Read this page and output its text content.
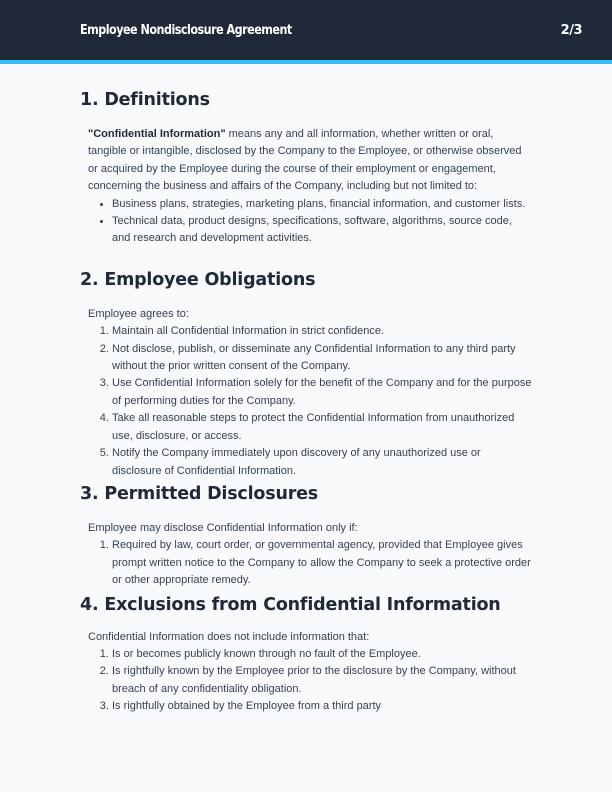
Employee Nondisclosure Agreement	2/3
1. Definitions

"Confidential Information" means any and all information, whether written or oral, tangible or intangible, disclosed by the Company to the Employee, or otherwise observed or acquired by the Employee during the course of their employment or engagement, concerning the business and affairs of the Company, including but not limited to:

• Business plans, strategies, marketing plans, financial information, and customer lists.
• Technical data, product designs, specifications, software, algorithms, source code, and research and development activities.
2. Employee Obligations

Employee agrees to:

1. Maintain all Confidential Information in strict confidence.
2. Not disclose, publish, or disseminate any Confidential Information to any third party without the prior written consent of the Company.
3. Use Confidential Information solely for the benefit of the Company and for the purpose of performing duties for the Company.
4. Take all reasonable steps to protect the Confidential Information from unauthorized use, disclosure, or access.
5. Notify the Company immediately upon discovery of any unauthorized use or disclosure of Confidential Information.
3. Permitted Disclosures

Employee may disclose Confidential Information only if:

1. Required by law, court order, or governmental agency, provided that Employee gives prompt written notice to the Company to allow the Company to seek a protective order or other appropriate remedy.
4. Exclusions from Confidential Information

Confidential Information does not include information that:

1. Is or becomes publicly known through no fault of the Employee.
2. Is rightfully known by the Employee prior to the disclosure by the Company, without breach of any confidentiality obligation.
3. Is rightfully obtained by the Employee from a third party
